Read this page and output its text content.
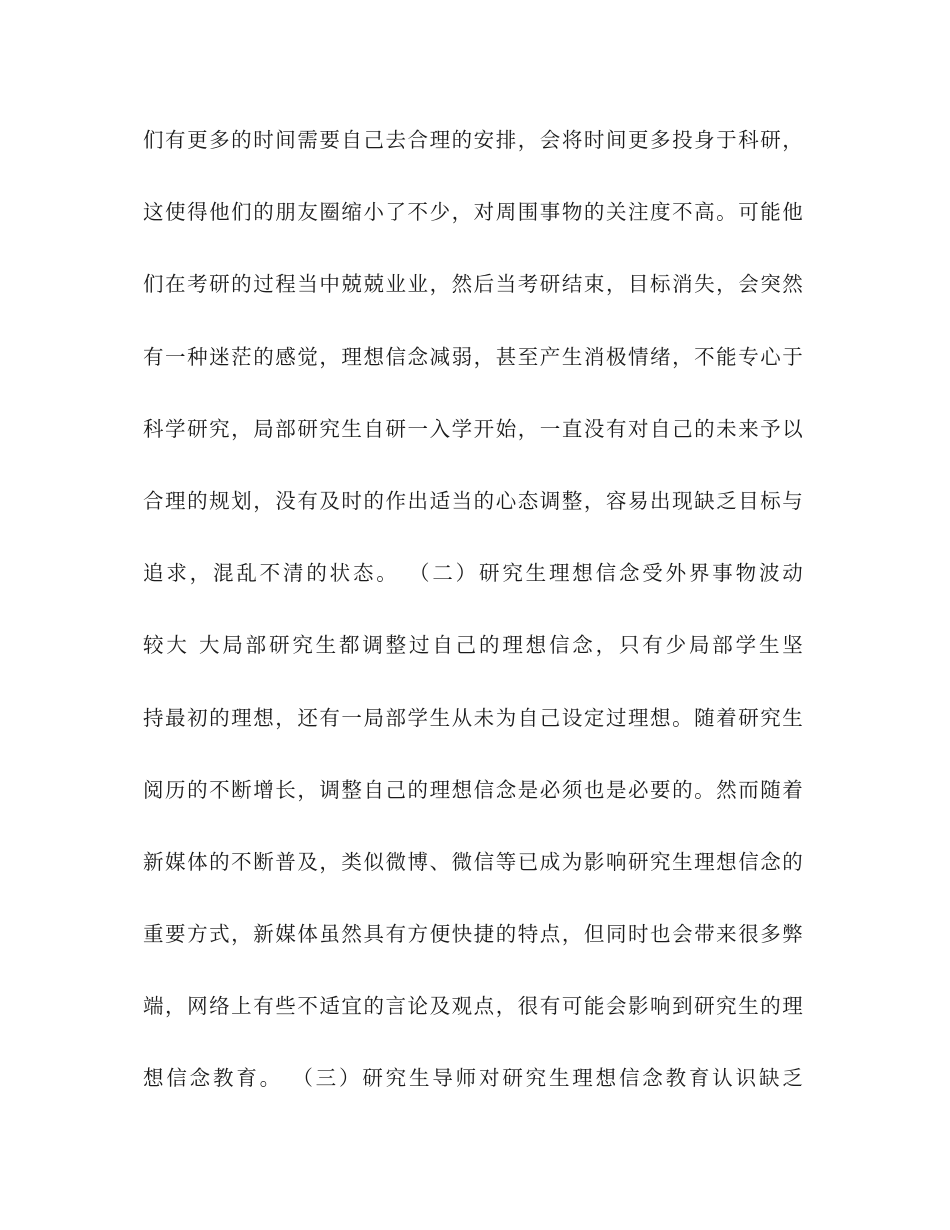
们有更多的时间需要自己去合理的安排，会将时间更多投身于科研，
这使得他们的朋友圈缩小了不少，对周围事物的关注度不高。可能他
们在考研的过程当中兢兢业业，然后当考研结束，目标消失，会突然
有一种迷茫的感觉，理想信念减弱，甚至产生消极情绪，不能专心于
科学研究，局部研究生自研一入学开始，一直没有对自己的未来予以
合理的规划，没有及时的作出适当的心态调整，容易出现缺乏目标与
追求，混乱不清的状态。 （二）研究生理想信念受外界事物波动
较大 大局部研究生都调整过自己的理想信念，只有少局部学生坚
持最初的理想，还有一局部学生从未为自己设定过理想。随着研究生
阅历的不断增长，调整自己的理想信念是必须也是必要的。然而随着
新媒体的不断普及，类似微博、微信等已成为影响研究生理想信念的
重要方式，新媒体虽然具有方便快捷的特点，但同时也会带来很多弊
端，网络上有些不适宜的言论及观点，很有可能会影响到研究生的理
想信念教育。 （三）研究生导师对研究生理想信念教育认识缺乏
